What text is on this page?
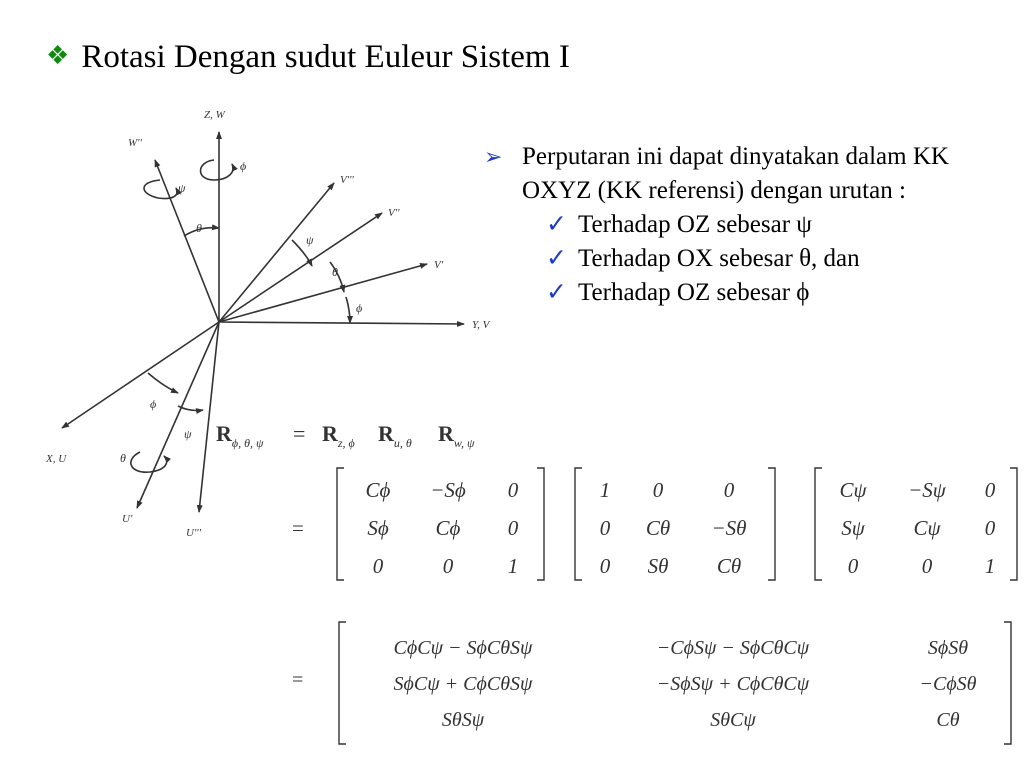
❖ Rotasi Dengan sudut Euleur Sistem I
➢ Perputaran ini dapat dinyatakan dalam KK OXYZ (KK referensi) dengan urutan :
✓ Terhadap OZ sebesar ψ
✓ Terhadap OX sebesar θ, dan
✓ Terhadap OZ sebesar ϕ
Z, W
Y, V
X, U
W''
V'''
V''
V'
U'
U'''
ϕ
ψ
θ
ψ
θ
ϕ
ϕ
ψ
θ
$R_{\phi, \theta, \psi} = R_{z, \phi}$ $R_{u, \theta}$ $R_{w, \psi}$
=
Cϕ −Sϕ 0
Sϕ Cϕ 0
0	0	1
1 0	0
0 Cθ −Sθ
0 Sθ Cθ
Cψ −Sψ 0
Sψ Cψ 0
0	0	1
=
CϕCψ − SϕCθSψ	−CϕSψ − SϕCθCψ	SϕSθ
SϕCψ + CϕCθSψ	−SϕSψ + CϕCθCψ	−CϕSθ
SθSψ	SθCψ	Cθ
